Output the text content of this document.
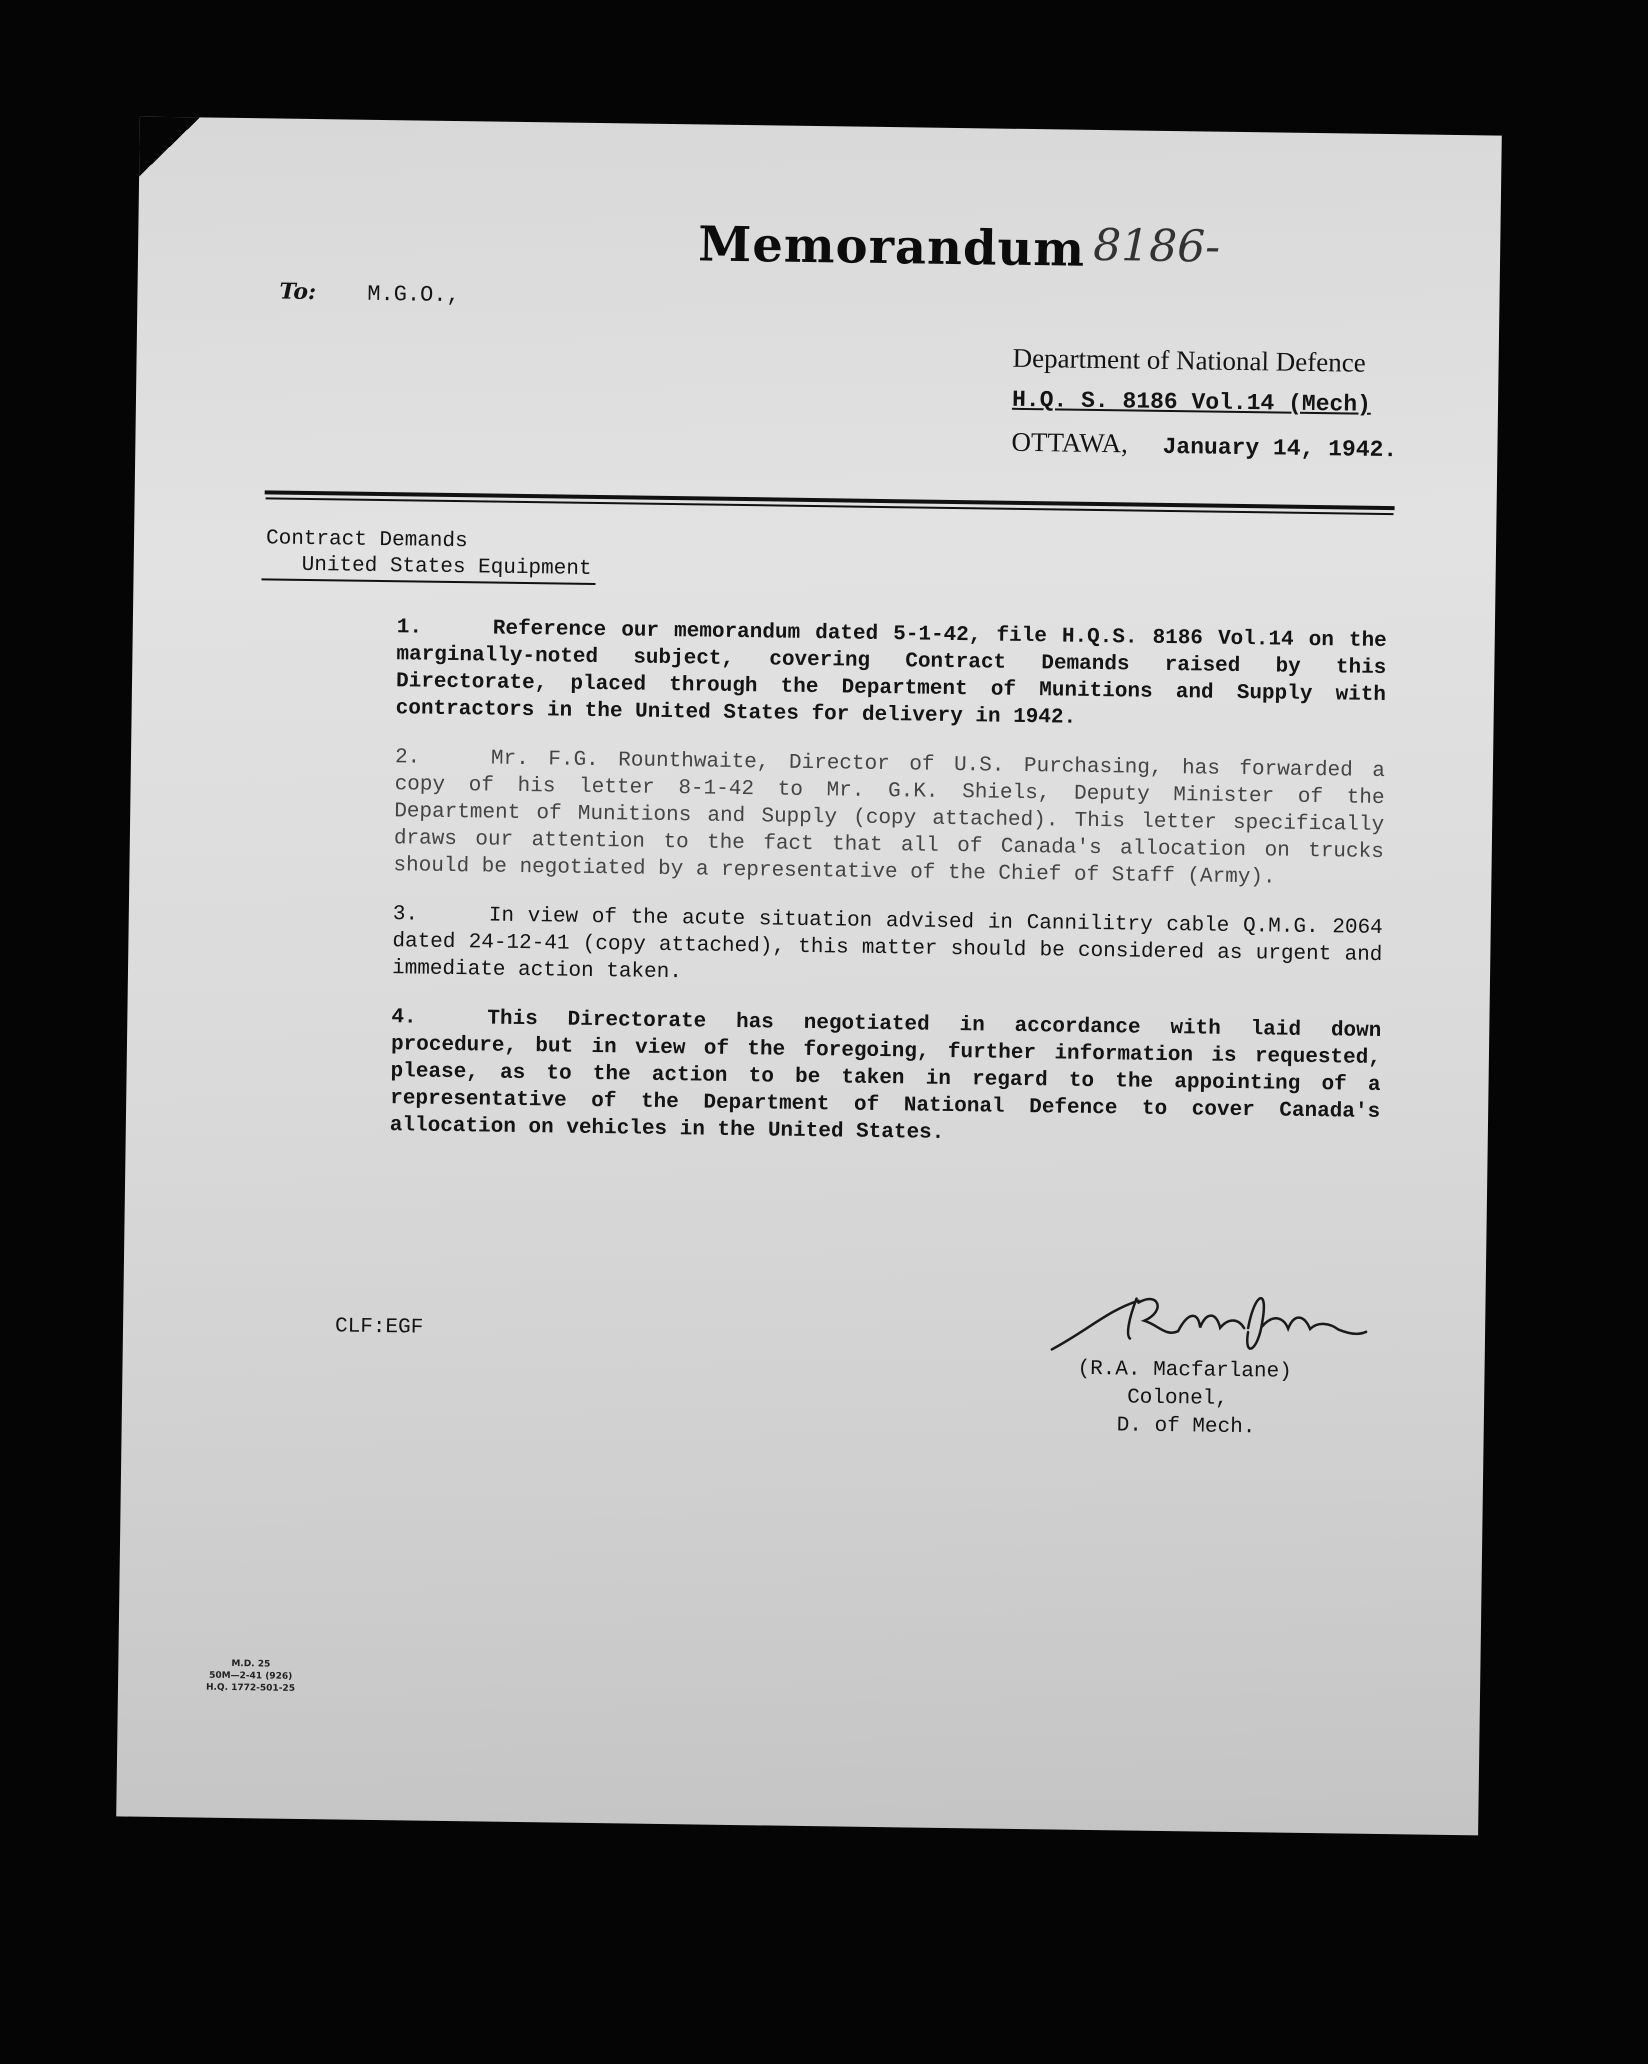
Memorandum 8186-
To: M.G.O.,
Department of National Defence
H.Q. S. 8186 Vol.14 (Mech)
OTTAWA, January 14, 1942.
Contract Demands
United States Equipment

1.	Reference our memorandum dated 5-1-42, file H.Q.S. 8186 Vol.14 on the marginally-noted subject, covering Contract Demands raised by this Directorate, placed through the Department of Munitions and Supply with contractors in the United States for delivery in 1942.

2.	Mr. F.G. Rounthwaite, Director of U.S. Purchasing, has forwarded a copy of his letter 8-1-42 to Mr. G.K. Shiels, Deputy Minister of the Department of Munitions and Supply (copy attached). This letter specifically draws our attention to the fact that all of Canada's allocation on trucks should be negotiated by a representative of the Chief of Staff (Army).

3.	In view of the acute situation advised in Cannilitry cable Q.M.G. 2064 dated 24-12-41 (copy attached), this matter should be considered as urgent and immediate action taken.

4.	This Directorate has negotiated in accordance with laid down procedure, but in view of the foregoing, further information is requested, please, as to the action to be taken in regard to the appointing of a representative of the Department of National Defence to cover Canada's allocation on vehicles in the United States.

(R.A. Macfarlane)
Colonel,
D. of Mech.
CLF:EGF
M.D. 25
50M—2-41 (926)
H.Q. 1772-501-25
